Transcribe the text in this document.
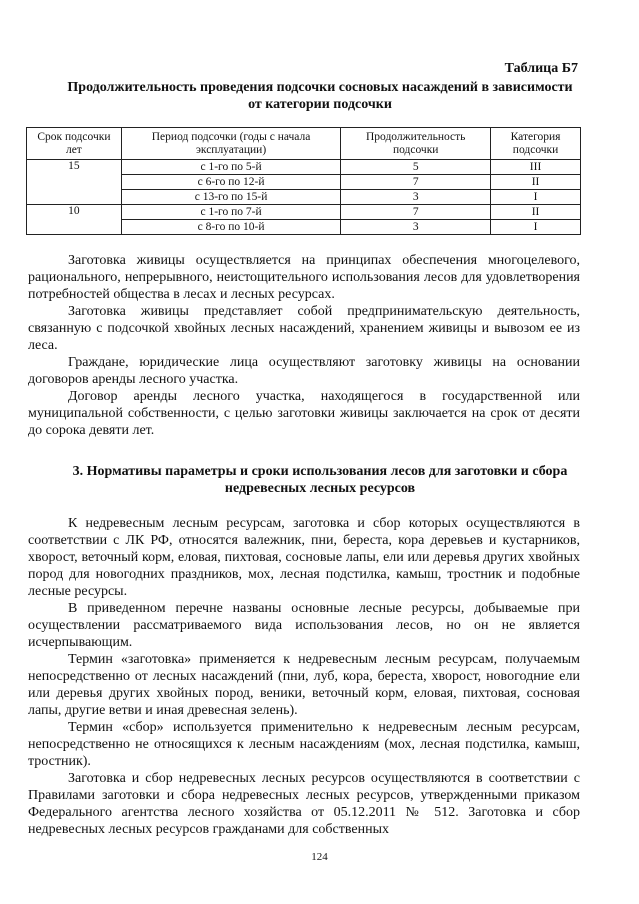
Таблица Б7
Продолжительность проведения подсочки сосновых насаждений в зависимости от категории подсочки
Срок подсочки лет	Период подсочки (годы с начала эксплуатации)	Продолжительность подсочки	Категория подсочки
15	с 1-го по 5-й	5	III
	с 6-го по 12-й	7	II
	с 13-го по 15-й	3	I
10	с 1-го по 7-й	7	II
	с 8-го по 10-й	3	I

Заготовка живицы осуществляется на принципах обеспечения многоцелевого, рационального, непрерывного, неистощительного использования лесов для удовлетворения потребностей общества в лесах и лесных ресурсах.

Заготовка живицы представляет собой предпринимательскую деятельность, связанную с подсочкой хвойных лесных насаждений, хранением живицы и вывозом ее из леса.

Граждане, юридические лица осуществляют заготовку живицы на основании договоров аренды лесного участка.

Договор аренды лесного участка, находящегося в государственной или муниципальной собственности, с целью заготовки живицы заключается на срок от десяти до сорока девяти лет.

3. Нормативы параметры и сроки использования лесов для заготовки и сбора недревесных лесных ресурсов

К недревесным лесным ресурсам, заготовка и сбор которых осуществляются в соответствии с ЛК РФ, относятся валежник, пни, береста, кора деревьев и кустарников, хворост, веточный корм, еловая, пихтовая, сосновые лапы, ели или деревья других хвойных пород для новогодних праздников, мох, лесная подстилка, камыш, тростник и подобные лесные ресурсы.

В приведенном перечне названы основные лесные ресурсы, добываемые при осуществлении рассматриваемого вида использования лесов, но он не является исчерпывающим.

Термин «заготовка» применяется к недревесным лесным ресурсам, получаемым непосредственно от лесных насаждений (пни, луб, кора, береста, хворост, новогодние ели или деревья других хвойных пород, веники, веточный корм, еловая, пихтовая, сосновая лапы, другие ветви и иная древесная зелень).

Термин «сбор» используется применительно к недревесным лесным ресурсам, непосредственно не относящихся к лесным насаждениям (мох, лесная подстилка, камыш, тростник).

Заготовка и сбор недревесных лесных ресурсов осуществляются в соответствии с Правилами заготовки и сбора недревесных лесных ресурсов, утвержденными приказом Федерального агентства лесного хозяйства от 05.12.2011 № 512. Заготовка и сбор недревесных лесных ресурсов гражданами для собственных

124
